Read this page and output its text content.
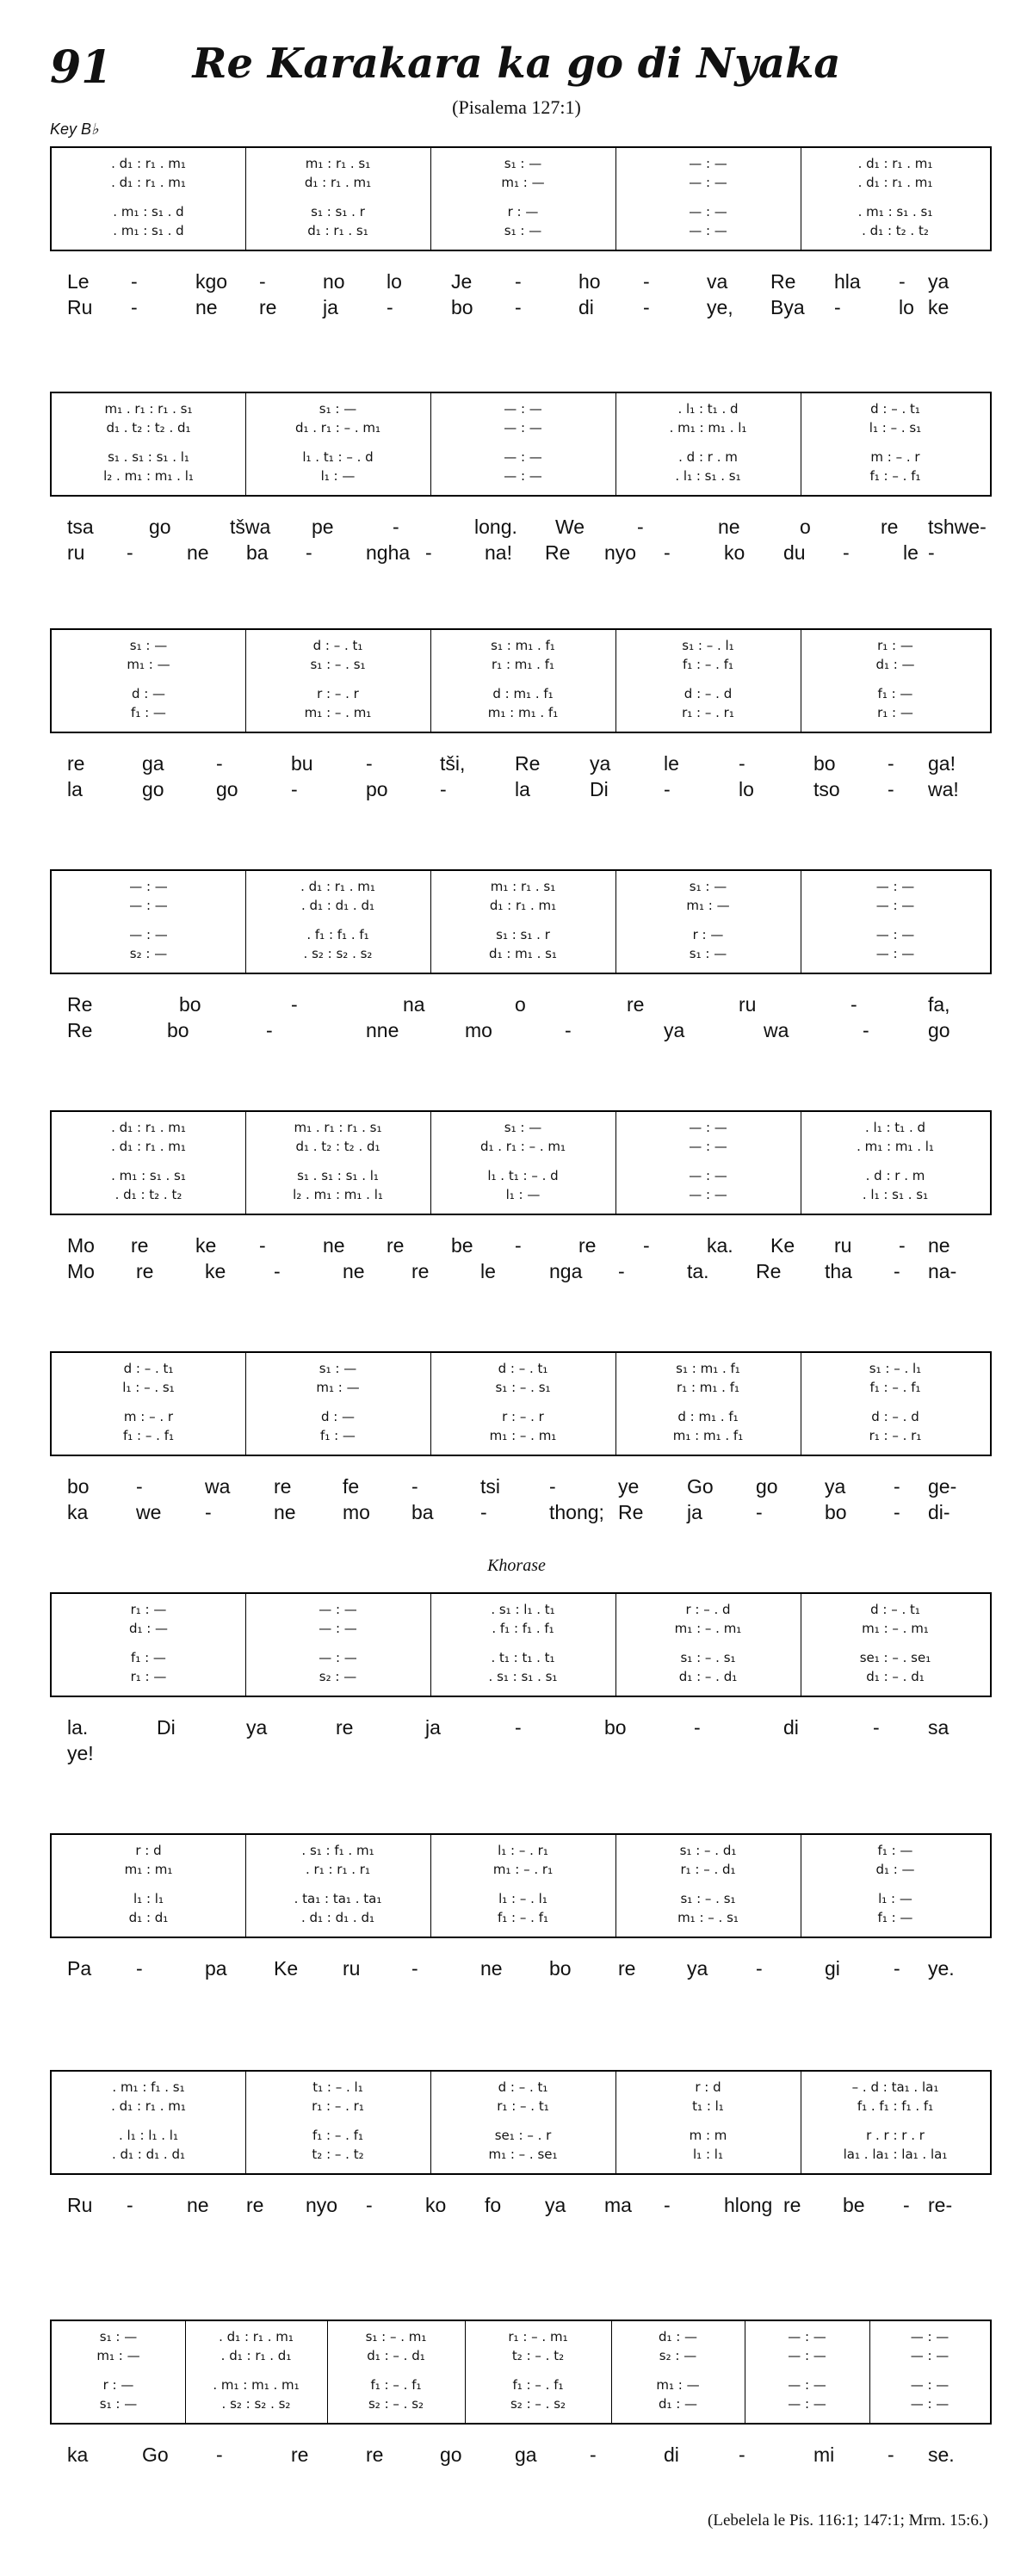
91	Re Karakara ka go di Nyaka
(Pisalema 127:1)
Key B♭
Khorase
. d₁ : r₁ . m₁	m₁ : r₁ . s₁	s₁ : —	— : —	. d₁ : r₁ . m₁
. d₁ : r₁ . m₁	d₁ : r₁ . m₁	m₁ : —	— : —	. d₁ : r₁ . m₁
. m₁ : s₁ . d	s₁ : s₁ . r	r : —	— : —	. m₁ : s₁ . s₁
. m₁ : s₁ . d	d₁ : r₁ . s₁	s₁ : —	— : —	. d₁ : t₂ . t₂
Le -	kgo -	no lo Je -	ho -	va Re hla - ya
Ru -	ne re ja -	bo -	di -	ye, Bya -	lo ke
m₁ . r₁ : r₁ . s₁	s₁ : —	— : —	. l₁ : t₁ . d	d : – . t₁
d₁ . t₂ : t₂ . d₁	d₁ . r₁ : – . m₁	— : —	. m₁ : m₁ . l₁	l₁ : – . s₁
s₁ . s₁ : s₁ . l₁	l₁ . t₁ : – . d	— : —	. d : r . m	m : – . r
l₂ . m₁ : m₁ . l₁	l₁ : —	— : —	. l₁ : s₁ . s₁	f₁ : – . f₁
tsa	go	tšwa pe	-	long. We	-	ne	o	re tshwe-
ru -	ne ba -	ngha -	na! Re nyo -	ko du -	le -
s₁ : —	d : – . t₁	s₁ : m₁ . f₁	s₁ : – . l₁	r₁ : —
m₁ : —	s₁ : – . s₁	r₁ : m₁ . f₁	f₁ : – . f₁	d₁ : —
d : —	r : – . r	d : m₁ . f₁	d : – . d	f₁ : —
f₁ : —	m₁ : – . m₁	m₁ : m₁ . f₁	r₁ : – . r₁	r₁ : —
re	ga	-	bu	-	tši,	Re	ya	le	-	bo	- ga!
la	go	go	-	po	-	la	Di	-	lo	tso - wa!
— : —	. d₁ : r₁ . m₁	m₁ : r₁ . s₁	s₁ : —	— : —
— : —	. d₁ : d₁ . d₁	d₁ : r₁ . m₁	m₁ : —	— : —
— : —	. f₁ : f₁ . f₁	s₁ : s₁ . r	r : —	— : —
s₂ : —	. s₂ : s₂ . s₂	d₁ : m₁ . s₁	s₁ : —	— : —
Re	bo	-	na	o	re	ru	-	fa,
Re	bo	-	nne	mo	-	ya	wa	-	go
. d₁ : r₁ . m₁	m₁ . r₁ : r₁ . s₁	s₁ : —	— : —	. l₁ : t₁ . d
. d₁ : r₁ . m₁	d₁ . t₂ : t₂ . d₁	d₁ . r₁ : – . m₁	— : —	. m₁ : m₁ . l₁
. m₁ : s₁ . s₁	s₁ . s₁ : s₁ . l₁	l₁ . t₁ : – . d	— : —	. d : r . m
. d₁ : t₂ . t₂	l₂ . m₁ : m₁ . l₁	l₁ : —	— : —	. l₁ : s₁ . s₁
Mo re ke -	ne re be -	re -	ka. Ke ru - ne
Mo re	ke -	ne re	le	nga -	ta. Re tha - na-
d : – . t₁	s₁ : —	d : – . t₁	s₁ : m₁ . f₁	s₁ : – . l₁
l₁ : – . s₁	m₁ : —	s₁ : – . s₁	r₁ : m₁ . f₁	f₁ : – . f₁
m : – . r	d : —	r : – . r	d : m₁ . f₁	d : – . d
f₁ : – . f₁	f₁ : —	m₁ : – . m₁	m₁ : m₁ . f₁	r₁ : – . r₁
bo -	wa re	fe	-	tsi -	ye Go go ya - ge-
ka we -	ne mo ba -	thong; Re ja	-	bo - di-
r₁ : —	— : —	. s₁ : l₁ . t₁	r : – . d	d : – . t₁
d₁ : —	— : —	. f₁ : f₁ . f₁	m₁ : – . m₁	m₁ : – . m₁
f₁ : —	— : —	. t₁ : t₁ . t₁	s₁ : – . s₁	se₁ : – . se₁
r₁ : —	s₂ : —	. s₁ : s₁ . s₁	d₁ : – . d₁	d₁ : – . d₁
la.	Di	ya	re	ja	-	bo	-	di	- sa
ye!
r : d	. s₁ : f₁ . m₁	l₁ : – . r₁	s₁ : – . d₁	f₁ : —
m₁ : m₁	. r₁ : r₁ . r₁	m₁ : – . r₁	r₁ : – . d₁	d₁ : —
l₁ : l₁	. ta₁ : ta₁ . ta₁	l₁ : – . l₁	s₁ : – . s₁	l₁ : —
d₁ : d₁	. d₁ : d₁ . d₁	f₁ : – . f₁	m₁ : – . s₁	f₁ : —
Pa -	pa Ke ru	-	ne bo re	ya -	gi	- ye.
. m₁ : f₁ . s₁	t₁ : – . l₁	d : – . t₁	r : d	– . d : ta₁ . la₁
. d₁ : r₁ . m₁	r₁ : – . r₁	r₁ : – . t₁	t₁ : l₁	f₁ . f₁ : f₁ . f₁
. l₁ : l₁ . l₁	f₁ : – . f₁	se₁ : – . r	m : m	r . r : r . r
. d₁ : d₁ . d₁	t₂ : – . t₂	m₁ : – . se₁	l₁ : l₁	la₁ . la₁ : la₁ . la₁
Ru -	ne re nyo -	ko fo ya ma -	hlong re be - re-
s₁ : —	. d₁ : r₁ . m₁	s₁ : – . m₁	r₁ : – . m₁	d₁ : —	— : —	— : —
m₁ : —	. d₁ : r₁ . d₁	d₁ : – . d₁	t₂ : – . t₂	s₂ : —	— : —	— : —
r : —	. m₁ : m₁ . m₁	f₁ : – . f₁	f₁ : – . f₁	m₁ : —	— : —	— : —
s₁ : —	. s₂ : s₂ . s₂	s₂ : – . s₂	s₂ : – . s₂	d₁ : —	— : —	— : —
ka	Go -	re	re	go	ga	-	di	-	mi	- se.
(Lebelela le Pis. 116:1; 147:1; Mrm. 15:6.)
